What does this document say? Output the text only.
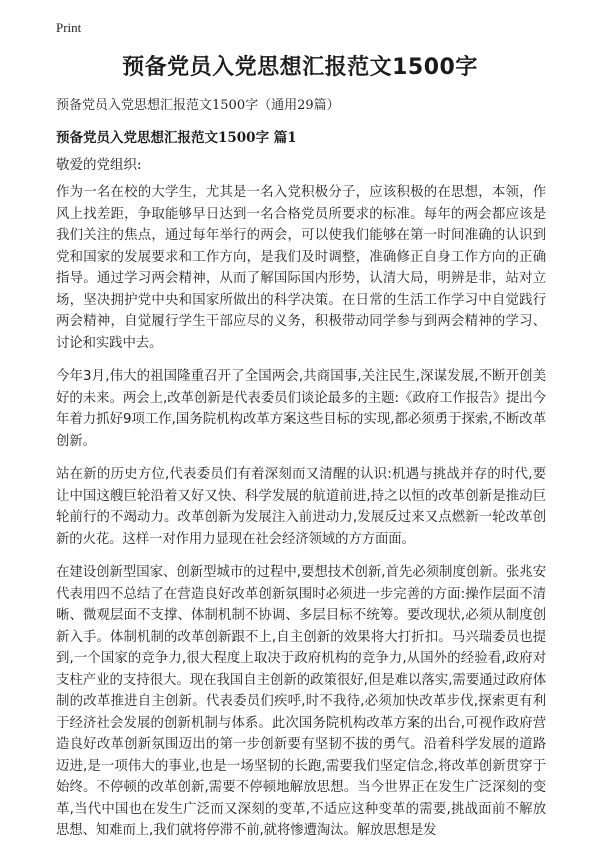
Print
预备党员入党思想汇报范文1500字
预备党员入党思想汇报范文1500字（通用29篇）
预备党员入党思想汇报范文1500字 篇1
敬爱的党组织:

作为一名在校的大学生，尤其是一名入党积极分子，应该积极的在思想，本领，作风上找差距，争取能够早日达到一名合格党员所要求的标准。每年的两会都应该是我们关注的焦点，通过每年举行的两会，可以使我们能够在第一时间准确的认识到党和国家的发展要求和工作方向，是我们及时调整，准确修正自身工作方向的正确指导。通过学习两会精神，从而了解国际国内形势，认清大局，明辨是非，站对立场，坚决拥护党中央和国家所做出的科学决策。在日常的生活工作学习中自觉践行两会精神，自觉履行学生干部应尽的义务，积极带动同学参与到两会精神的学习、讨论和实践中去。

今年3月,伟大的祖国隆重召开了全国两会,共商国事,关注民生,深谋发展,不断开创美好的未来。两会上,改革创新是代表委员们谈论最多的主题:《政府工作报告》提出今年着力抓好9项工作,国务院机构改革方案这些目标的实现,都必须勇于探索,不断改革创新。

站在新的历史方位,代表委员们有着深刻而又清醒的认识:机遇与挑战并存的时代,要让中国这艘巨轮沿着又好又快、科学发展的航道前进,持之以恒的改革创新是推动巨轮前行的不竭动力。改革创新为发展注入前进动力,发展反过来又点燃新一轮改革创新的火花。这样一对作用力显现在社会经济领域的方方面面。

在建设创新型国家、创新型城市的过程中,要想技术创新,首先必须制度创新。张兆安代表用四不总结了在营造良好改革创新氛围时必须进一步完善的方面:操作层面不清晰、微观层面不支撑、体制机制不协调、多层目标不统筹。要改现状,必须从制度创新入手。体制机制的改革创新跟不上,自主创新的效果将大打折扣。马兴瑞委员也提到,一个国家的竞争力,很大程度上取决于政府机构的竞争力,从国外的经验看,政府对支柱产业的支持很大。现在我国自主创新的政策很好,但是难以落实,需要通过政府体制的改革推进自主创新。代表委员们疾呼,时不我待,必须加快改革步伐,探索更有利于经济社会发展的创新机制与体系。此次国务院机构改革方案的出台,可视作政府营造良好改革创新氛围迈出的第一步创新要有坚韧不拔的勇气。沿着科学发展的道路迈进,是一项伟大的事业,也是一场坚韧的长跑,需要我们坚定信念,将改革创新贯穿于始终。不停顿的改革创新,需要不停顿地解放思想。当今世界正在发生广泛深刻的变革,当代中国也在发生广泛而又深刻的变革,不适应这种变革的需要,挑战面前不解放思想、知难而上,我们就将停滞不前,就将惨遭淘汰。解放思想是发
